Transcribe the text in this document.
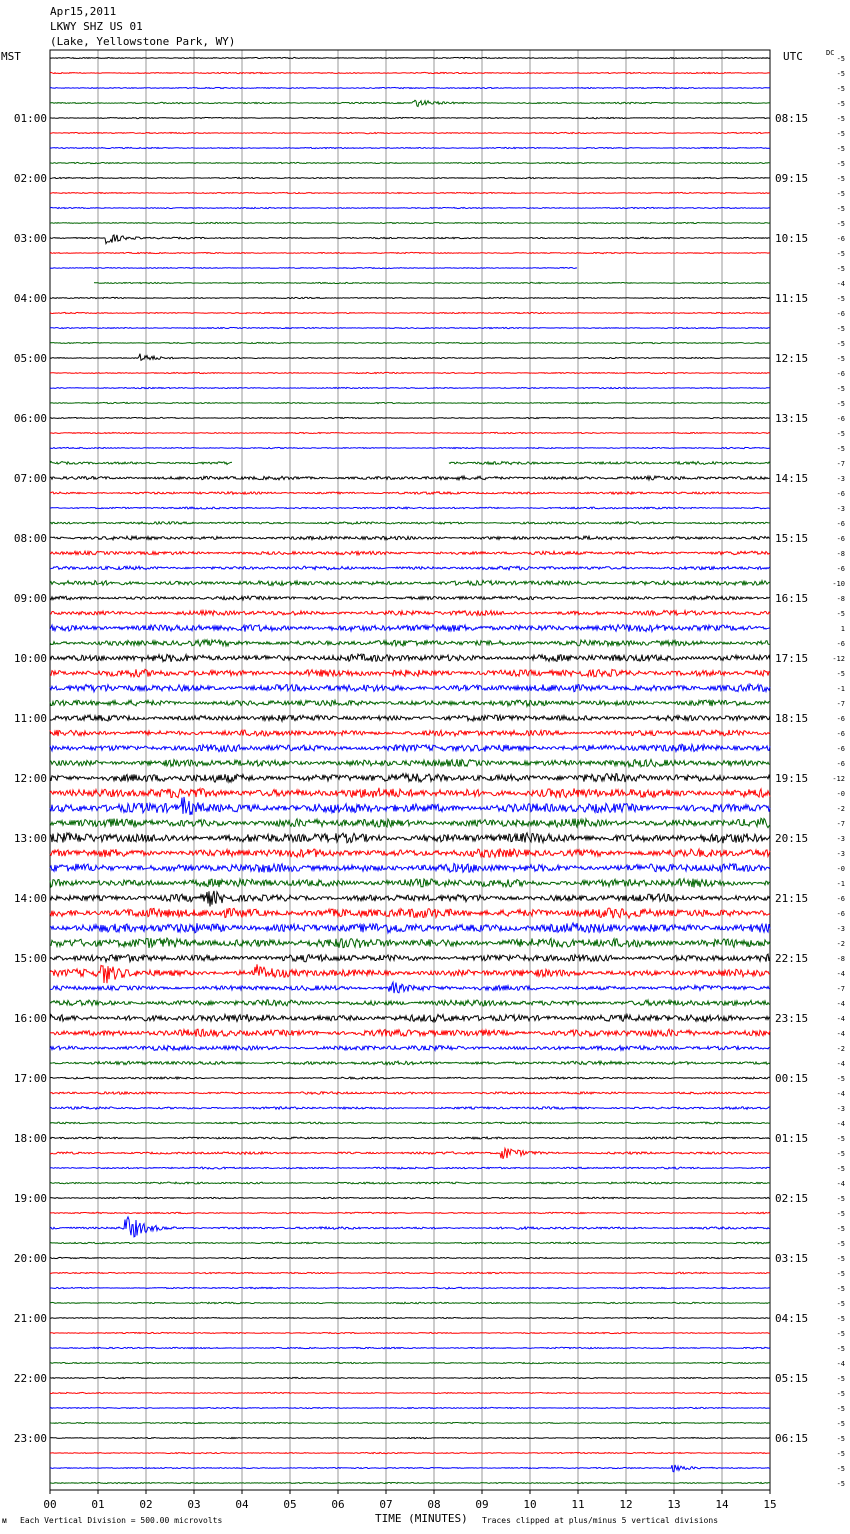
01:00
02:00
03:00
04:00
05:00
06:00
07:00
08:00
09:00
10:00
11:00
12:00
13:00
14:00
15:00
16:00
17:00
18:00
19:00
20:00
21:00
22:00
23:00
08:15
09:15
10:15
11:15
12:15
13:15
14:15
15:15
16:15
17:15
18:15
19:15
20:15
21:15
22:15
23:15
00:15
01:15
02:15
03:15
04:15
05:15
06:15
-5
-5
-5
-5
-5
-5
-5
-5
-5
-5
-5
-5
-6
-5
-5
-4
-5
-6
-5
-5
-5
-6
-5
-5
-6
-5
-5
-7
-3
-6
-3
-6
-6
-8
-6
-10
-8
-5
1
-6
-12
-5
-1
-7
-6
-6
-6
-6
-12
-0
-2
-7
-3
-3
-0
-1
-6
-6
-3
-2
-8
-4
-7
-4
-4
-4
-2
-4
-5
-4
-3
-4
-5
-5
-5
-4
-5
-5
-5
-5
-5
-5
-5
-5
-5
-5
-5
-4
-5
-5
-5
-5
-5
-5
-5
-5
00	01	02	03	04	05	06	07	08	09	10	11	12	13	14	15
Apr15,2011
LKWY SHZ US 01
(Lake, Yellowstone Park, WY)
MST	UTC	DC
TIME (MINUTES)
ᴍ Each Vertical Division = 500.00 microvolts	Traces clipped at plus/minus 5 vertical divisions
